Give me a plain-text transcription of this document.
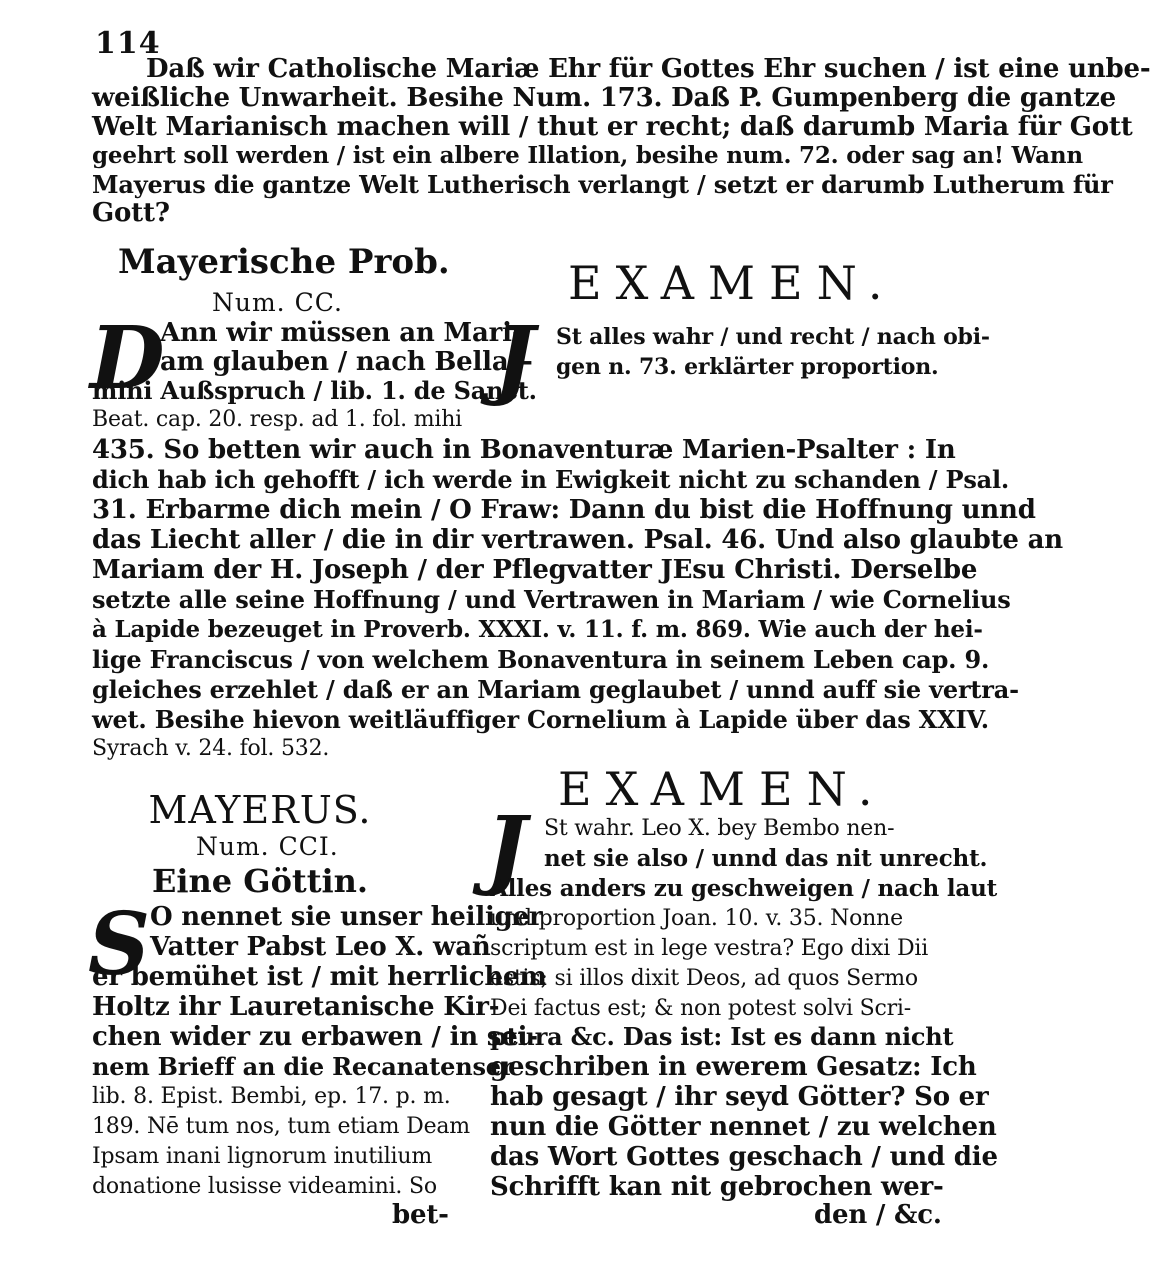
114
Daß wir Catholische Mariæ Ehr für Gottes Ehr suchen / ist eine unbe-
weißliche Unwarheit. Besihe Num. 173. Daß P. Gumpenberg die gantze
Welt Marianisch machen will / thut er recht; daß darumb Maria für Gott
geehrt soll werden / ist ein albere Illation, besihe num. 72. oder sag an! Wann
Mayerus die gantze Welt Lutherisch verlangt / setzt er darumb Lutherum für
Gott?
Mayerische Prob.
Num. CC.	EXAMEN.
D
Ann wir müssen an Mari-
am glauben / nach Bellar-
mini Außspruch / lib. 1. de Sanct.
Beat. cap. 20. resp. ad 1. fol. mihi
J St alles wahr / und recht / nach obi-
gen n. 73. erklärter proportion.
435. So betten wir auch in Bonaventuræ Marien-Psalter : In
dich hab ich gehofft / ich werde in Ewigkeit nicht zu schanden / Psal.
31. Erbarme dich mein / O Fraw: Dann du bist die Hoffnung unnd
das Liecht aller / die in dir vertrawen. Psal. 46. Und also glaubte an
Mariam der H. Joseph / der Pflegvatter JEsu Christi. Derselbe
setzte alle seine Hoffnung / und Vertrawen in Mariam / wie Cornelius
à Lapide bezeuget in Proverb. XXXI. v. 11. f. m. 869. Wie auch der hei-
lige Franciscus / von welchem Bonaventura in seinem Leben cap. 9.
gleiches erzehlet / daß er an Mariam geglaubet / unnd auff sie vertra-
wet. Besihe hievon weitläuffiger Cornelium à Lapide über das XXIV.
Syrach v. 24. fol. 532.
EXAMEN.
MAYERUS.
Num. CCI.
Eine Göttin.
S O nennet sie unser heiliger
Vatter Pabst Leo X. wañ
er bemühet ist / mit herrlichem
Holtz ihr Lauretanische Kir-
chen wider zu erbawen / in sei-
nem Brieff an die Recanatenser
lib. 8. Epist. Bembi, ep. 17. p. m.
189. Nē tum nos, tum etiam Deam
Ipsam inani lignorum inutilium
donatione lusisse videamini. So
bet-
J St wahr. Leo X. bey Bembo nen-
net sie also / unnd das nit unrecht.
Alles anders zu geschweigen / nach laut
und proportion Joan. 10. v. 35. Nonne
scriptum est in lege vestra? Ego dixi Dii
estis; si illos dixit Deos, ad quos Sermo
Dei factus est; & non potest solvi Scri-
ptura &c. Das ist: Ist es dann nicht
geschriben in ewerem Gesatz: Ich
hab gesagt / ihr seyd Götter? So er
nun die Götter nennet / zu welchen
das Wort Gottes geschach / und die
Schrifft kan nit gebrochen wer-
den / &c.
